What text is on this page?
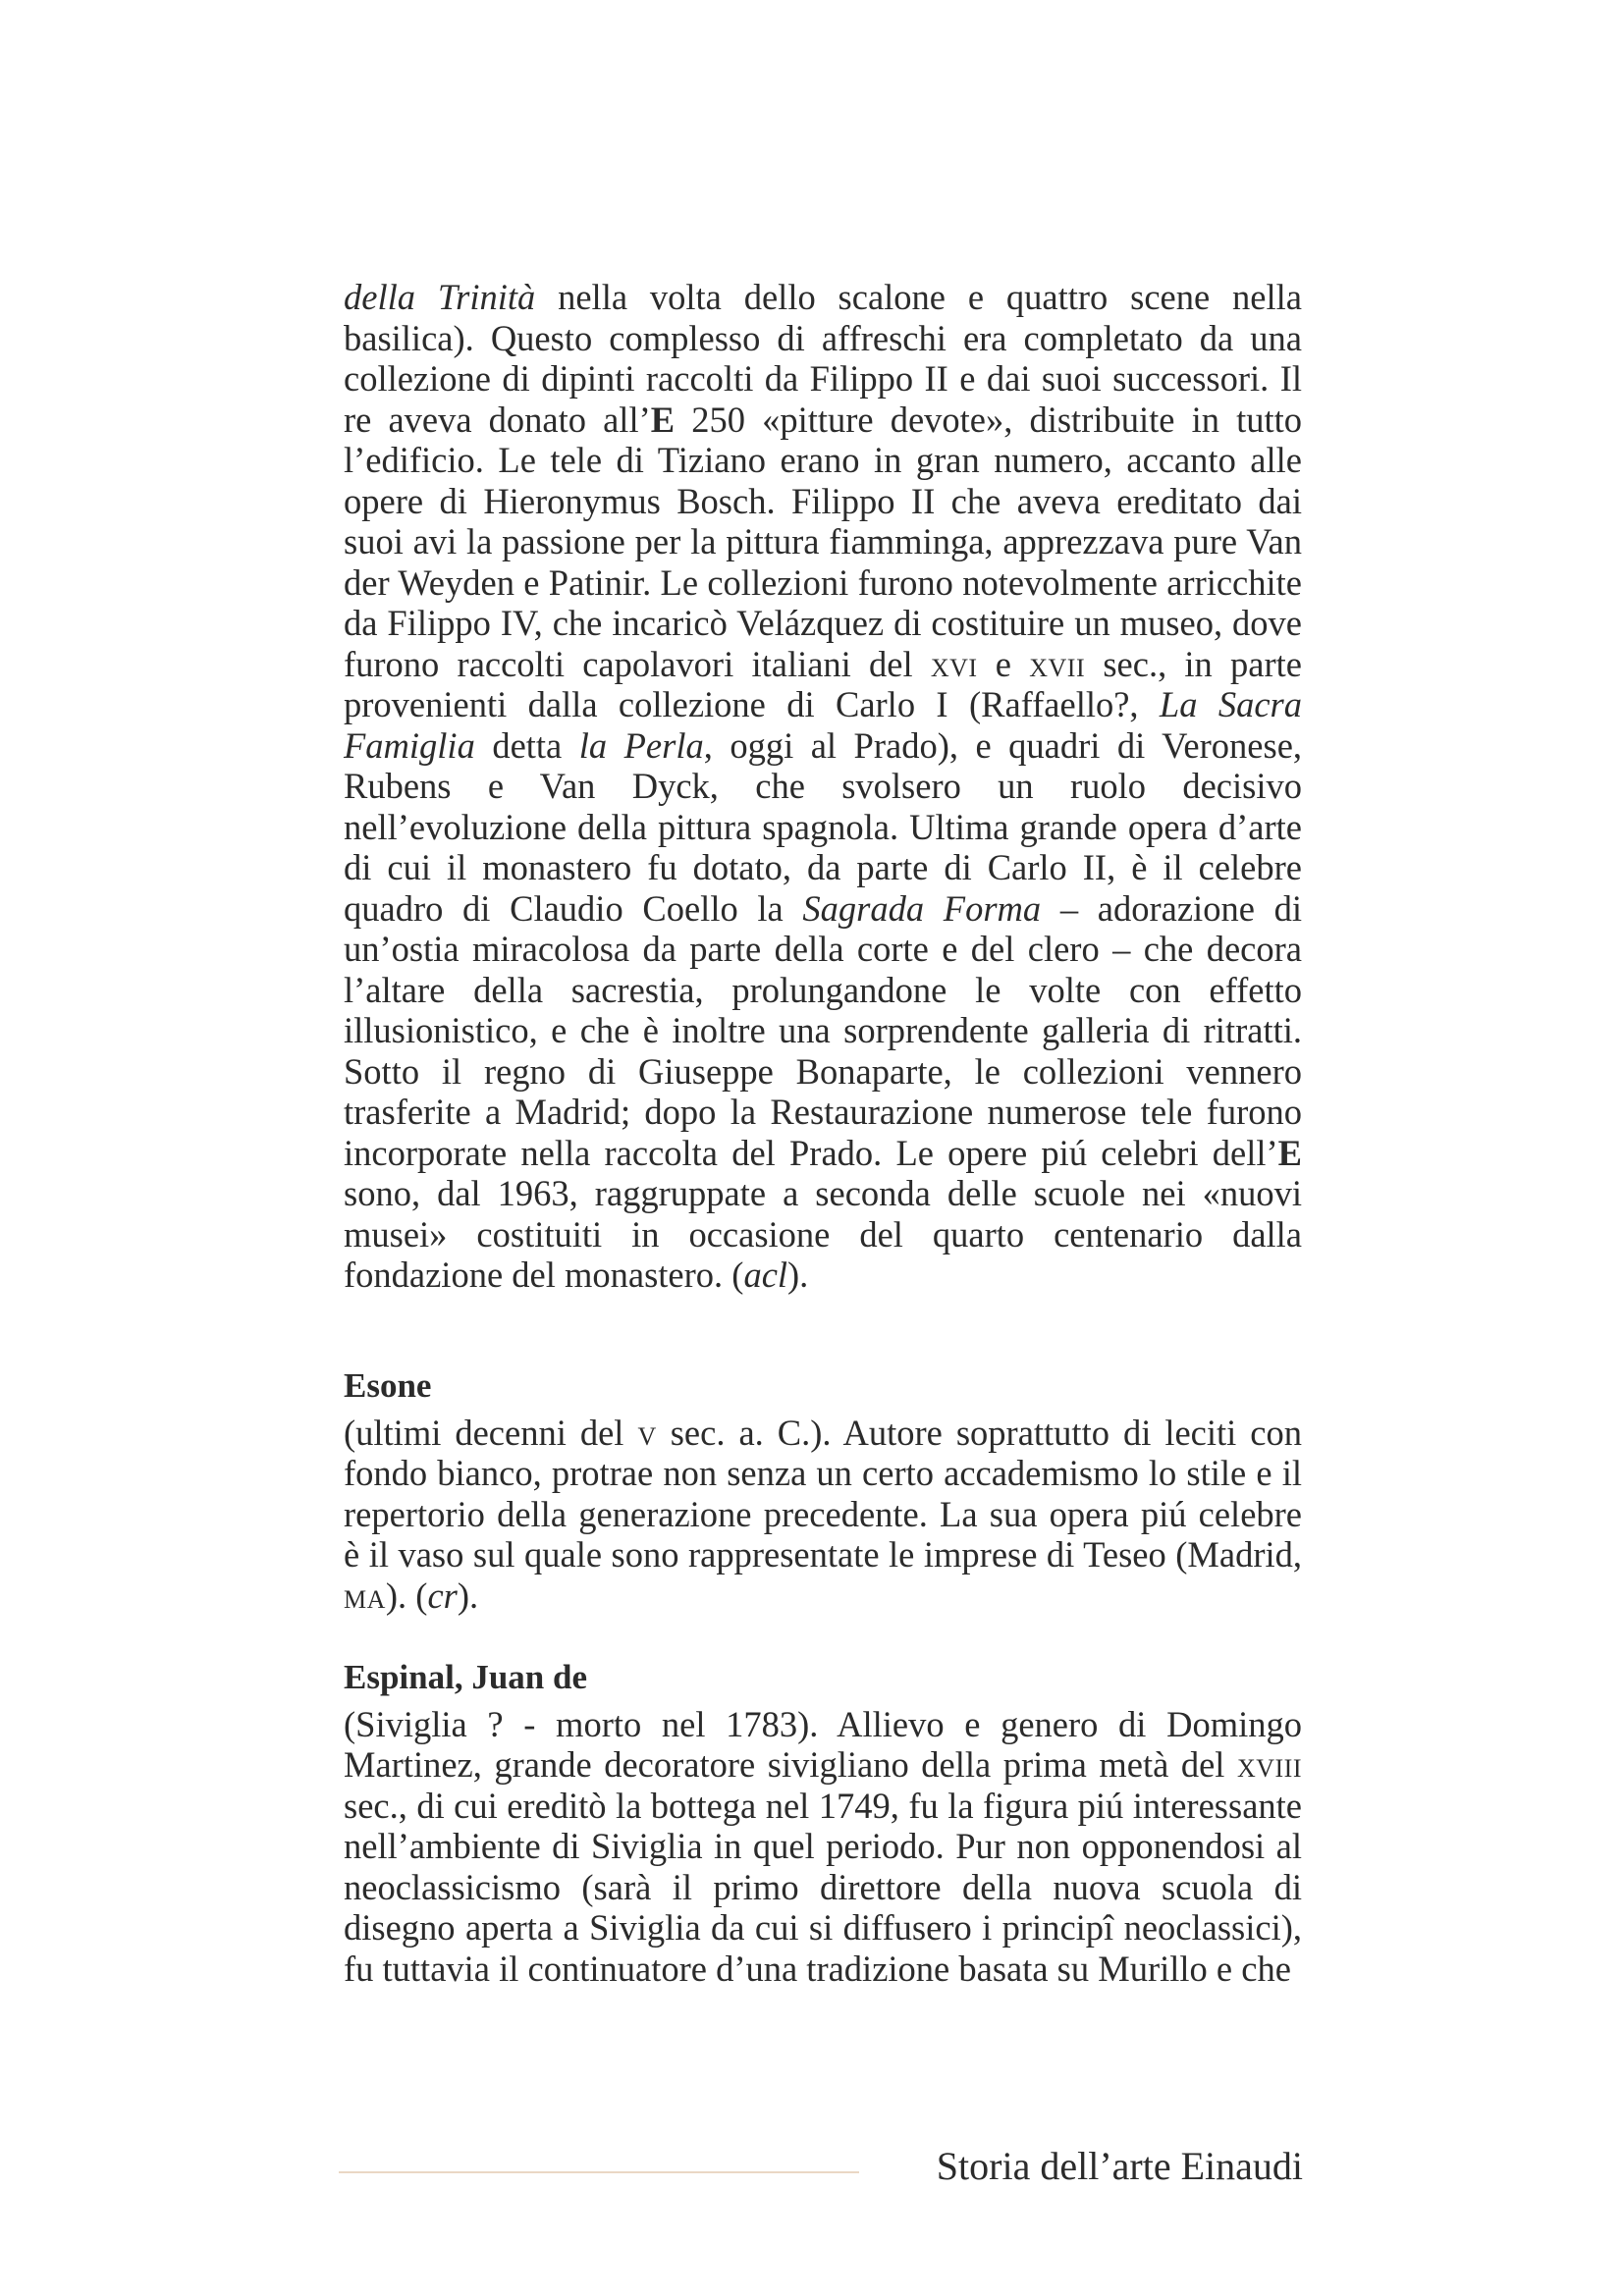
della Trinità nella volta dello scalone e quattro scene nella basilica). Questo complesso di affreschi era completato da una collezione di dipinti raccolti da Filippo II e dai suoi successori. Il re aveva donato all’E 250 «pitture devote», distribuite in tutto l’edificio. Le tele di Tiziano erano in gran numero, accanto alle opere di Hieronymus Bosch. Filippo II che aveva ereditato dai suoi avi la passione per la pittura fiamminga, apprezzava pure Van der Weyden e Patinir. Le collezioni furono notevolmente arricchite da Filippo IV, che incaricò Velázquez di costituire un museo, dove furono raccolti capolavori italiani del xvi e xvii sec., in parte provenienti dalla collezione di Carlo I (Raffaello?, La Sacra Famiglia detta la Perla, oggi al Prado), e quadri di Veronese, Rubens e Van Dyck, che svolsero un ruolo decisivo nell’evoluzione della pittura spagnola. Ultima grande opera d’arte di cui il monastero fu dotato, da parte di Carlo II, è il celebre quadro di Claudio Coello la Sagrada Forma – adorazione di un’ostia miracolosa da parte della corte e del clero – che decora l’altare della sacrestia, prolungandone le volte con effetto illusionistico, e che è inoltre una sorprendente galleria di ritratti. Sotto il regno di Giuseppe Bonaparte, le collezioni vennero trasferite a Madrid; dopo la Restaurazione numerose tele furono incorporate nella raccolta del Prado. Le opere piú celebri dell’E sono, dal 1963, raggruppate a seconda delle scuole nei «nuovi musei» costituiti in occasione del quarto centenario dalla fondazione del monastero. (acl).

Esone

(ultimi decenni del v sec. a. C.). Autore soprattutto di leciti con fondo bianco, protrae non senza un certo accademismo lo stile e il repertorio della generazione precedente. La sua opera piú celebre è il vaso sul quale sono rappresentate le imprese di Teseo (Madrid, ma). (cr).

Espinal, Juan de

(Siviglia ? - morto nel 1783). Allievo e genero di Domingo Martinez, grande decoratore sivigliano della prima metà del xviii sec., di cui ereditò la bottega nel 1749, fu la figura piú interessante nell’ambiente di Siviglia in quel periodo. Pur non opponendosi al neoclassicismo (sarà il primo direttore della nuova scuola di disegno aperta a Siviglia da cui si diffusero i principî neoclassici), fu tuttavia il continuatore d’una tradizione basata su Murillo e che

Storia dell’arte Einaudi
